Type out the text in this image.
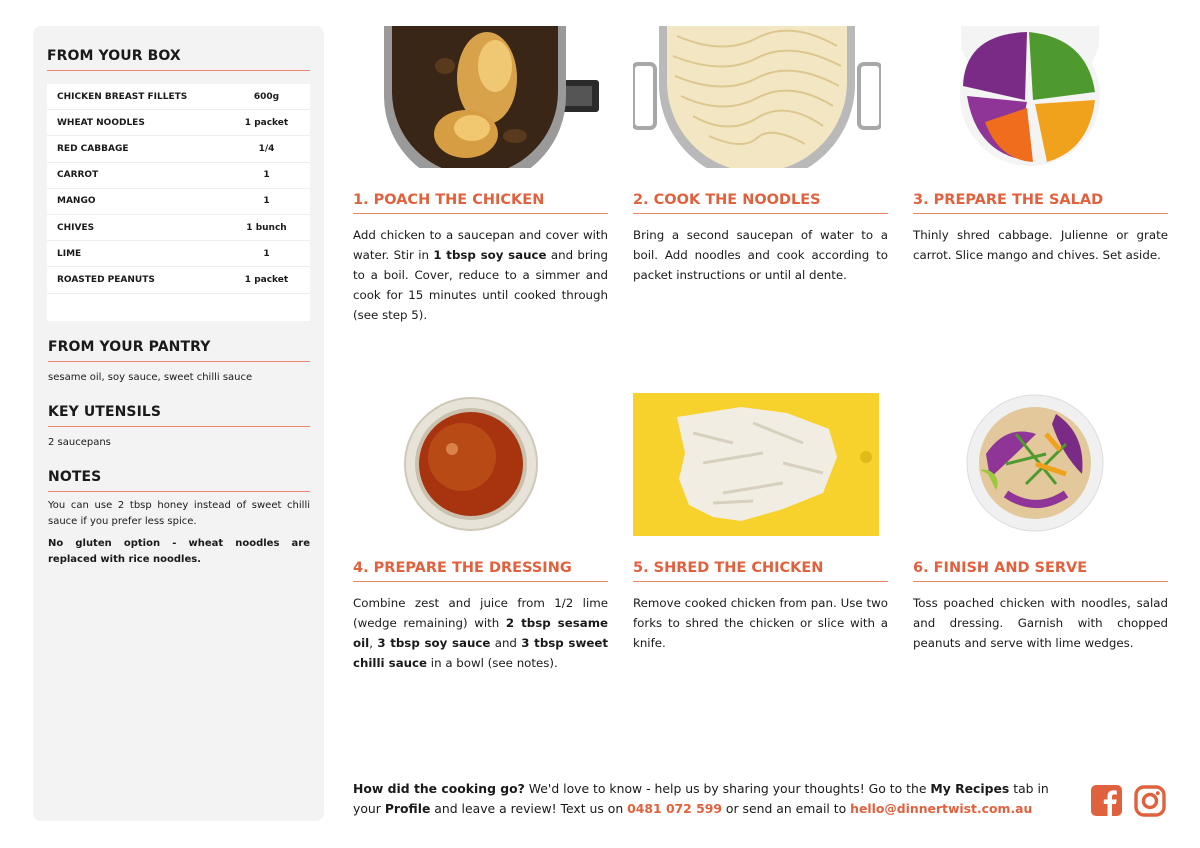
FROM YOUR BOX
CHICKEN BREAST FILLETS	600g
WHEAT NOODLES	1 packet
RED CABBAGE	1/4
CARROT	1
MANGO	1
CHIVES	1 bunch
LIME	1
ROASTED PEANUTS	1 packet
FROM YOUR PANTRY
sesame oil, soy sauce, sweet chilli sauce
KEY UTENSILS
2 saucepans
NOTES
You can use 2 tbsp honey instead of sweet chilli sauce if you prefer less spice.
No gluten option - wheat noodles are replaced with rice noodles.
1. POACH THE CHICKEN
Add chicken to a saucepan and cover with water. Stir in 1 tbsp soy sauce and bring to a boil. Cover, reduce to a simmer and cook for 15 minutes until cooked through (see step 5).
2. COOK THE NOODLES
Bring a second saucepan of water to a boil. Add noodles and cook according to packet instructions or until al dente.
3. PREPARE THE SALAD
Thinly shred cabbage. Julienne or grate carrot. Slice mango and chives. Set aside.
4. PREPARE THE DRESSING
Combine zest and juice from 1/2 lime (wedge remaining) with 2 tbsp sesame oil, 3 tbsp soy sauce and 3 tbsp sweet chilli sauce in a bowl (see notes).
5. SHRED THE CHICKEN
Remove cooked chicken from pan. Use two forks to shred the chicken or slice with a knife.
6. FINISH AND SERVE
Toss poached chicken with noodles, salad and dressing. Garnish with chopped peanuts and serve with lime wedges.
How did the cooking go? We'd love to know - help us by sharing your thoughts! Go to the My Recipes tab in your Profile and leave a review! Text us on 0481 072 599 or send an email to hello@dinnertwist.com.au
